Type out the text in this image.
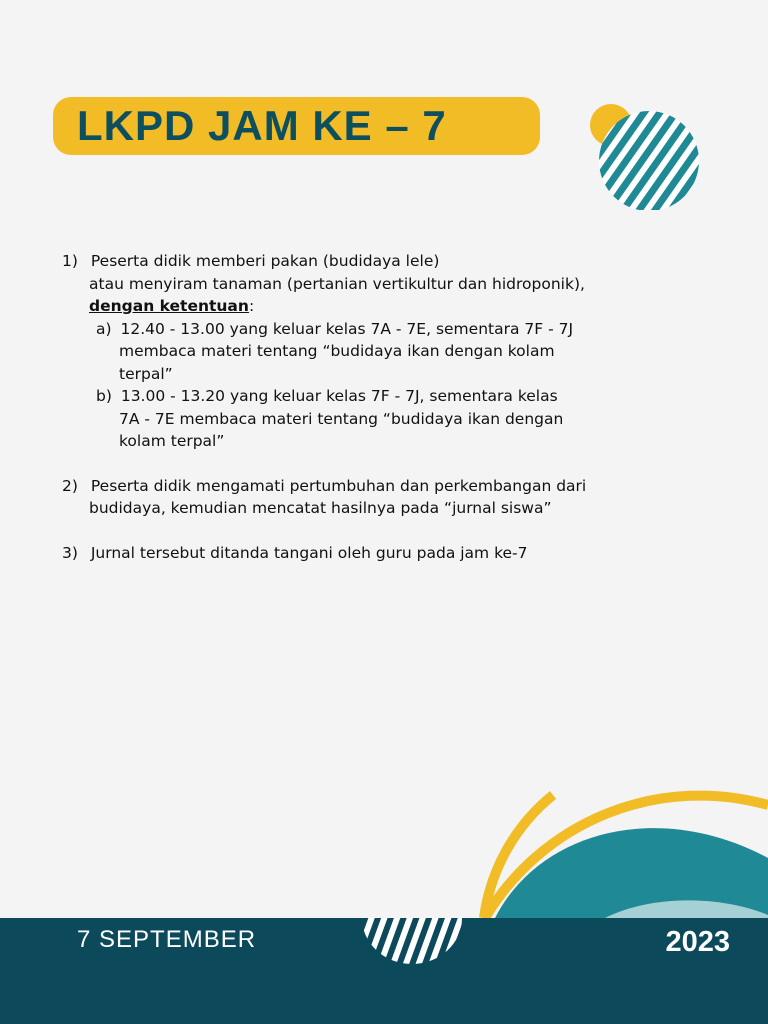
LKPD JAM KE – 7
1) Peserta didik memberi pakan (budidaya lele)
atau menyiram tanaman (pertanian vertikultur dan hidroponik),
dengan ketentuan:
a) 12.40 - 13.00 yang keluar kelas 7A - 7E, sementara 7F - 7J
membaca materi tentang “budidaya ikan dengan kolam
terpal”
b) 13.00 - 13.20 yang keluar kelas 7F - 7J, sementara kelas
7A - 7E membaca materi tentang “budidaya ikan dengan
kolam terpal”
2) Peserta didik mengamati pertumbuhan dan perkembangan dari
budidaya, kemudian mencatat hasilnya pada “jurnal siswa”
3) Jurnal tersebut ditanda tangani oleh guru pada jam ke-7
7 SEPTEMBER	2023
